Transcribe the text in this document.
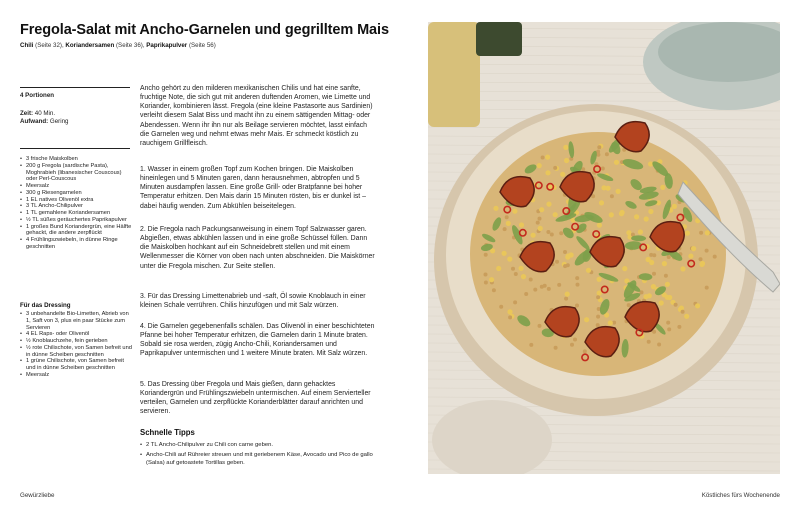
Fregola-Salat mit Ancho-Garnelen und gegrilltem Mais
Chili (Seite 32), Koriandersamen (Seite 36), Paprikapulver (Seite 56)
4 Portionen
Zeit: 40 Min.
Aufwand: Gering
• 3 frische Maiskolben
• 200 g Fregola (sardische Pasta), Moghrabieh (libanesischer Couscous) oder Perl-Couscous
• Meersalz
• 300 g Riesengarnelen
• 1 EL natives Olivenöl extra
• 3 TL Ancho-Chilipulver
• 1 TL gemahlene Koriandersamen
• ½ TL süßes geräuchertes Paprikapulver
• 1 großes Bund Koriandergrün, eine Hälfte gehackt, die andere zerpflückt
• 4 Frühlingszwiebeln, in dünne Ringe geschnitten
Für das Dressing
• 3 unbehandelte Bio-Limetten, Abrieb von 1, Saft von 3, plus ein paar Stücke zum Servieren
• 4 EL Raps- oder Olivenöl
• ½ Knoblauchzehe, fein gerieben
• ½ rote Chilischote, von Samen befreit und in dünne Scheiben geschnitten
• 1 grüne Chilischote, von Samen befreit und in dünne Scheiben geschnitten
• Meersalz

Ancho gehört zu den milderen mexikanischen Chilis und hat eine sanfte, fruchtige Note, die sich gut mit anderen duftenden Aromen, wie Limette und Koriander, kombinieren lässt. Fregola (eine kleine Pastasorte aus Sardinien) verleiht diesem Salat Biss und macht ihn zu einem sättigenden Mittag- oder Abendessen. Wenn ihr ihn nur als Beilage servieren möchtet, lasst einfach die Garnelen weg und nehmt etwas mehr Mais. Er schmeckt köstlich zu rauchigem Grillfleisch.

1. Wasser in einem großen Topf zum Kochen bringen. Die Maiskolben hineinlegen und 5 Minuten garen, dann herausnehmen, abtropfen und 5 Minuten ausdampfen lassen. Eine große Grill- oder Bratpfanne bei hoher Temperatur erhitzen. Den Mais darin 15 Minuten rösten, bis er dunkel ist – dabei häufig wenden. Zum Abkühlen beiseitelegen.

2. Die Fregola nach Packungsanweisung in einem Topf Salzwasser garen. Abgießen, etwas abkühlen lassen und in eine große Schüssel füllen. Dann die Maiskolben hochkant auf ein Schneidebrett stellen und mit einem Wellenmesser die Körner von oben nach unten abschneiden. Die Maiskörner unter die Fregola mischen. Zur Seite stellen.

3. Für das Dressing Limettenabrieb und -saft, Öl sowie Knoblauch in einer kleinen Schale verrühren. Chilis hinzufügen und mit Salz würzen.

4. Die Garnelen gegebenenfalls schälen. Das Olivenöl in einer beschichteten Pfanne bei hoher Temperatur erhitzen, die Garnelen darin 1 Minute braten. Sobald sie rosa werden, zügig Ancho-Chili, Koriandersamen und Paprikapulver untermischen und 1 weitere Minute braten. Mit Salz würzen.

5. Das Dressing über Fregola und Mais gießen, dann gehacktes Koriandergrün und Frühlingszwiebeln untermischen. Auf einem Servierteller verteilen, Garnelen und zerpflückte Korianderblätter darauf anrichten und servieren.

Schnelle Tipps
• 2 TL Ancho-Chilipulver zu Chili con carne geben.
• Ancho-Chili auf Rühreier streuen und mit geriebenem Käse, Avocado und Pico de gallo (Salsa) auf getoastete Tortillas geben.
Gewürzliebe	Köstliches fürs Wochenende
